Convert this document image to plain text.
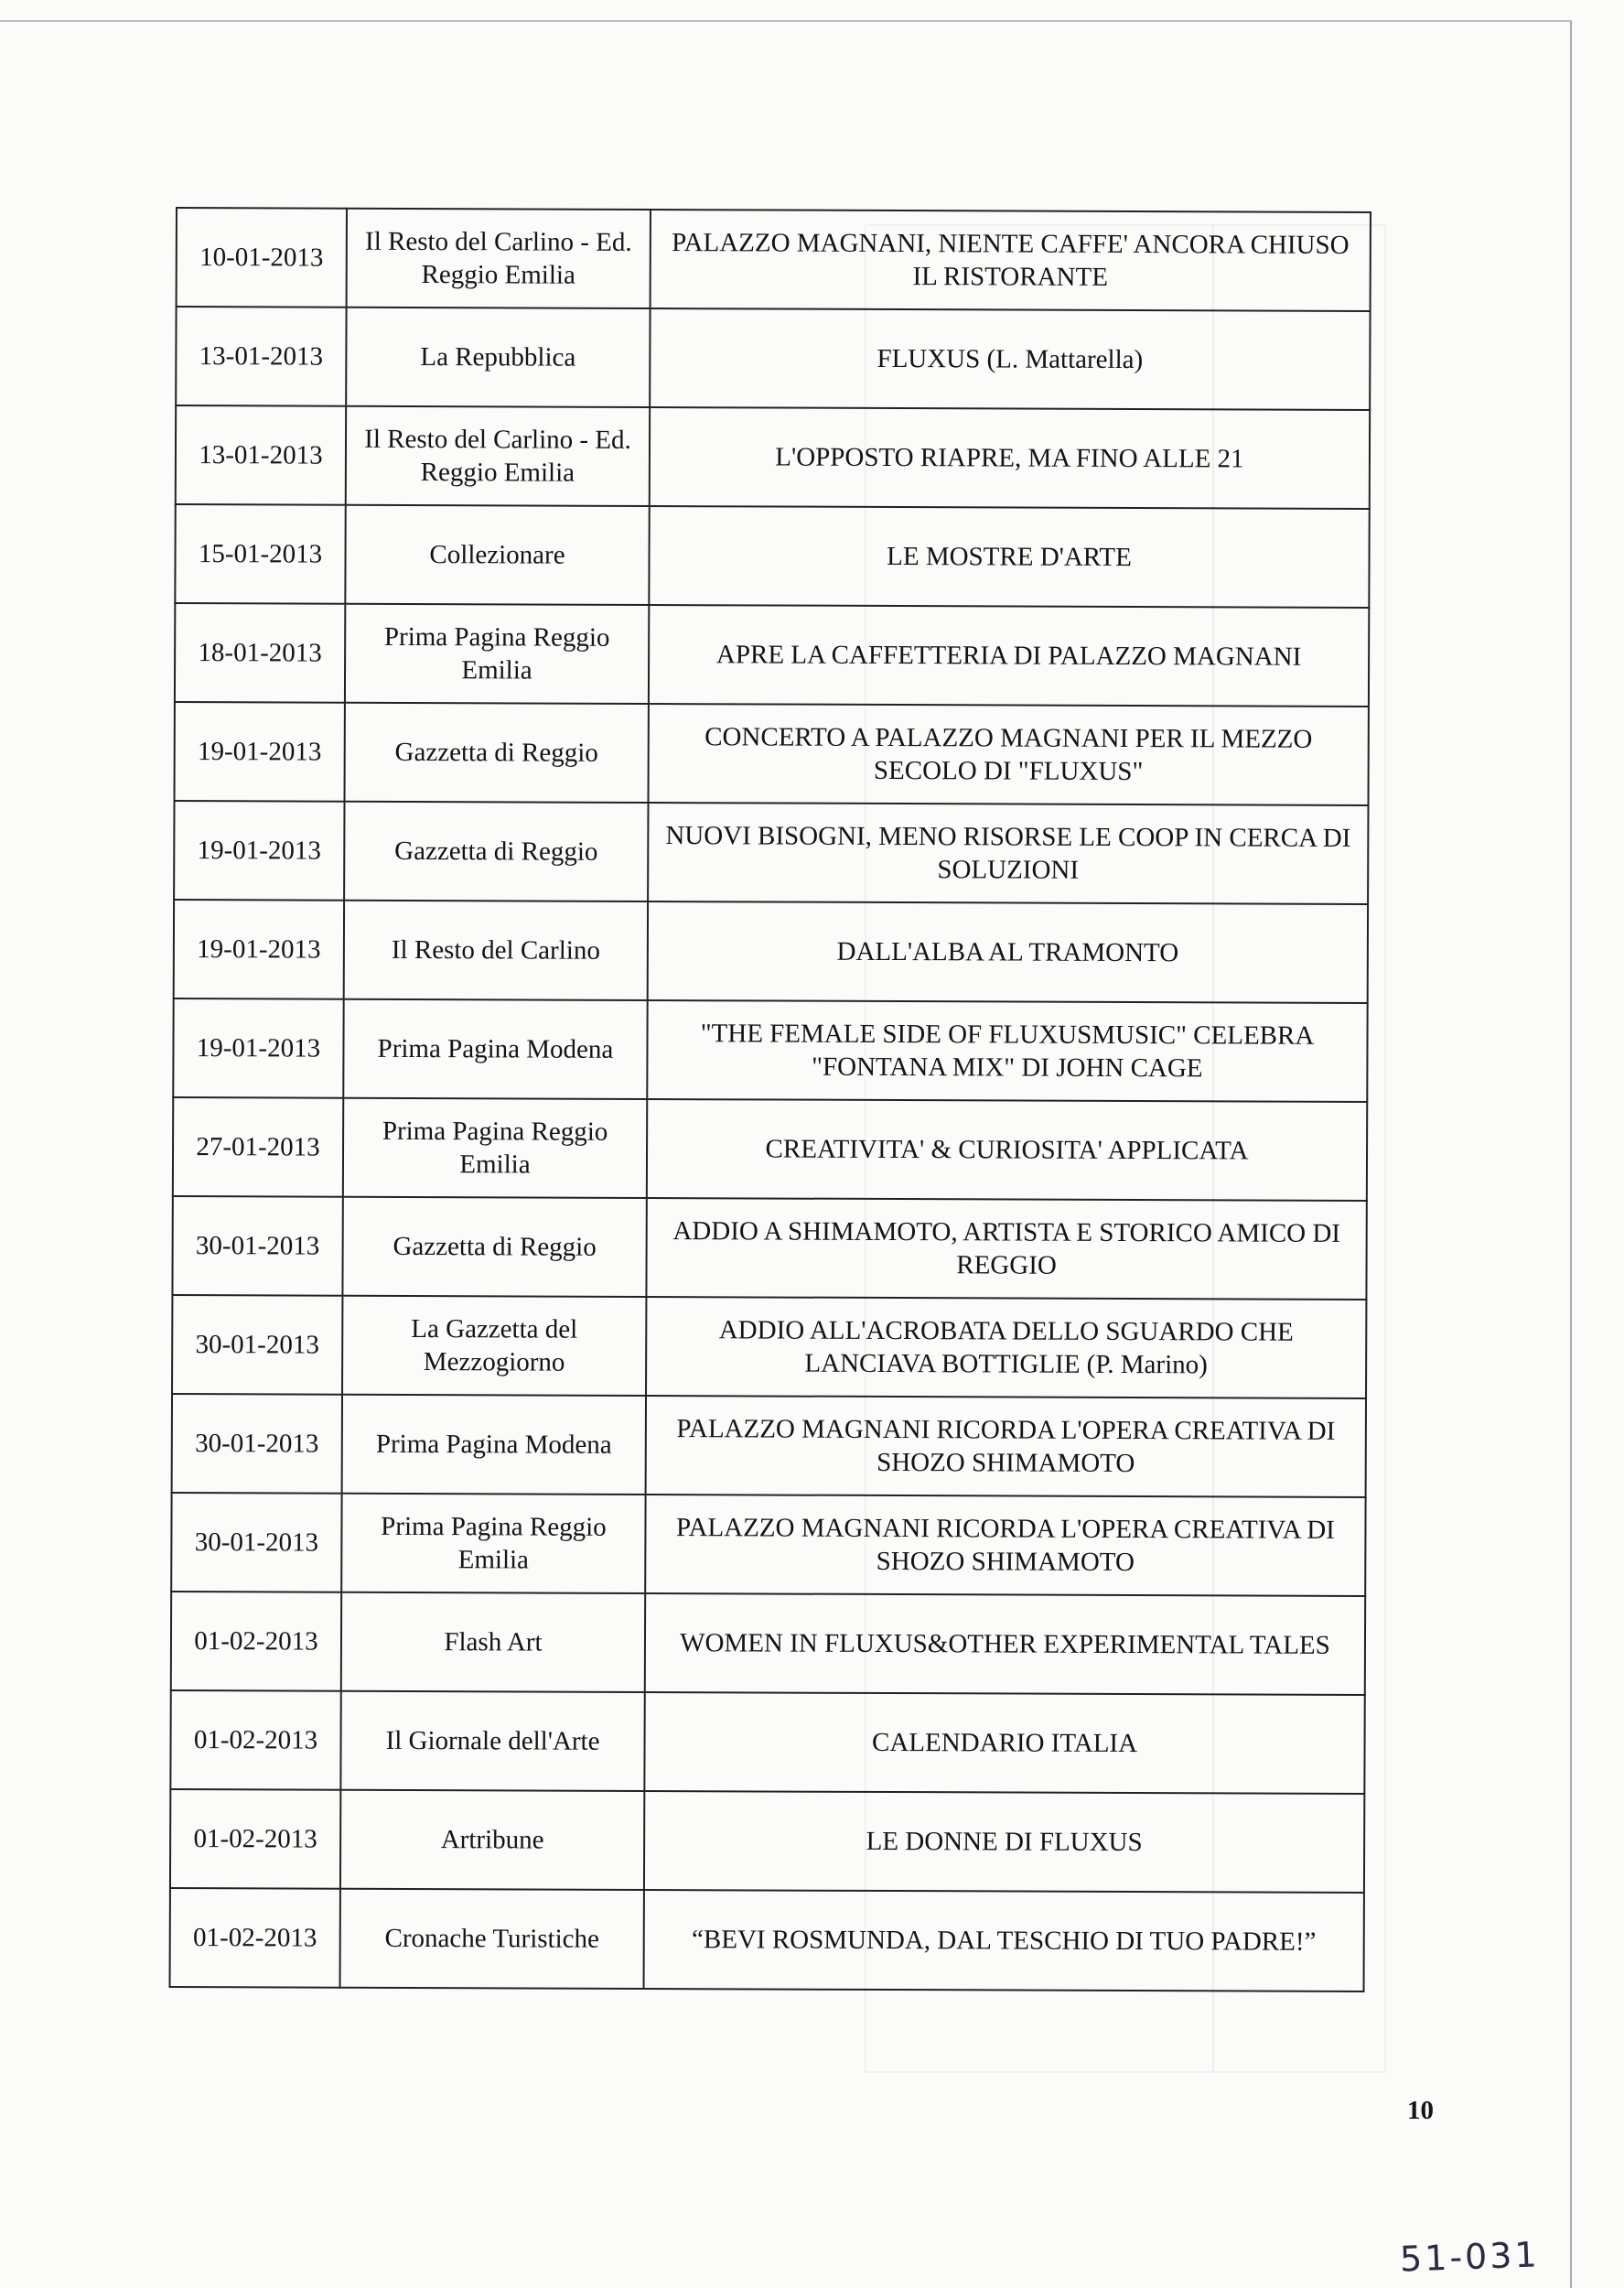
10-01-2013	Il Resto del Carlino - Ed. Reggio Emilia	PALAZZO MAGNANI, NIENTE CAFFE' ANCORA CHIUSO IL RISTORANTE
13-01-2013	La Repubblica	FLUXUS (L. Mattarella)
13-01-2013	Il Resto del Carlino - Ed. Reggio Emilia	L'OPPOSTO RIAPRE, MA FINO ALLE 21
15-01-2013	Collezionare	LE MOSTRE D'ARTE
18-01-2013	Prima Pagina Reggio Emilia	APRE LA CAFFETTERIA DI PALAZZO MAGNANI
19-01-2013	Gazzetta di Reggio	CONCERTO A PALAZZO MAGNANI PER IL MEZZO SECOLO DI "FLUXUS"
19-01-2013	Gazzetta di Reggio	NUOVI BISOGNI, MENO RISORSE LE COOP IN CERCA DI SOLUZIONI
19-01-2013	Il Resto del Carlino	DALL'ALBA AL TRAMONTO
19-01-2013	Prima Pagina Modena	"THE FEMALE SIDE OF FLUXUSMUSIC" CELEBRA "FONTANA MIX" DI JOHN CAGE
27-01-2013	Prima Pagina Reggio Emilia	CREATIVITA' & CURIOSITA' APPLICATA
30-01-2013	Gazzetta di Reggio	ADDIO A SHIMAMOTO, ARTISTA E STORICO AMICO DI REGGIO
30-01-2013	La Gazzetta del Mezzogiorno	ADDIO ALL'ACROBATA DELLO SGUARDO CHE LANCIAVA BOTTIGLIE (P. Marino)
30-01-2013	Prima Pagina Modena	PALAZZO MAGNANI RICORDA L'OPERA CREATIVA DI SHOZO SHIMAMOTO
30-01-2013	Prima Pagina Reggio Emilia	PALAZZO MAGNANI RICORDA L'OPERA CREATIVA DI SHOZO SHIMAMOTO
01-02-2013	Flash Art	WOMEN IN FLUXUS&OTHER EXPERIMENTAL TALES
01-02-2013	Il Giornale dell'Arte	CALENDARIO ITALIA
01-02-2013	Artribune	LE DONNE DI FLUXUS
01-02-2013	Cronache Turistiche	“BEVI ROSMUNDA, DAL TESCHIO DI TUO PADRE!”
10
51-031
